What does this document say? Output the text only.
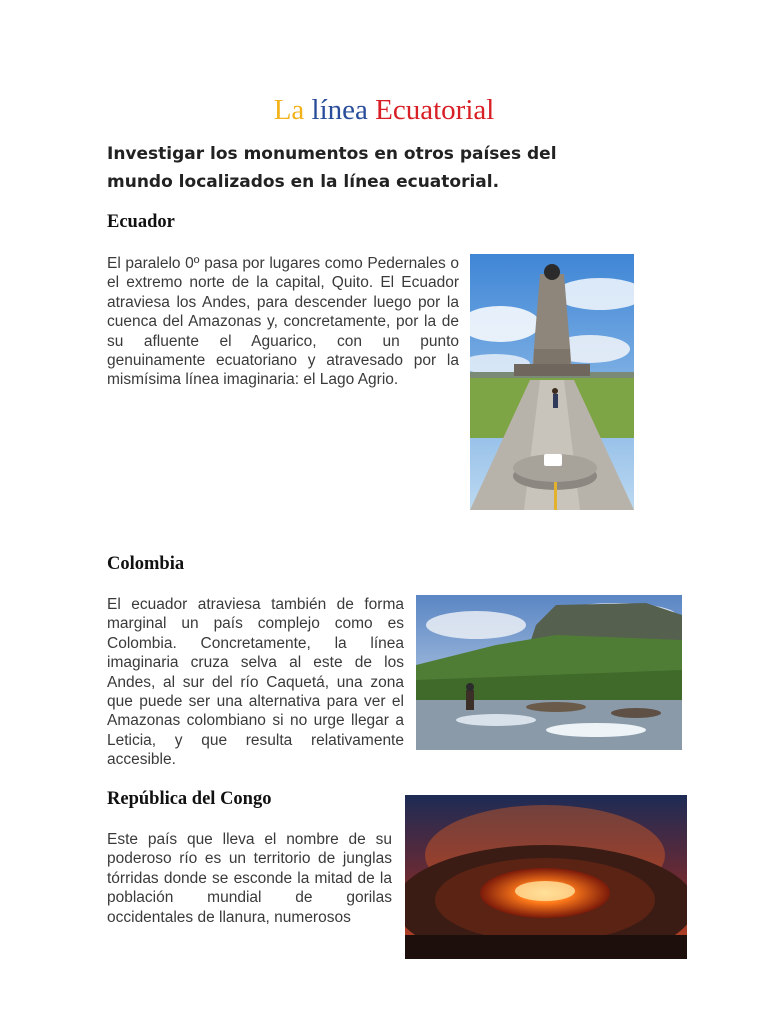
La línea Ecuatorial
Investigar los monumentos en otros países del mundo localizados en la línea ecuatorial.
Ecuador
El paralelo 0º pasa por lugares como Pedernales o el extremo norte de la capital, Quito. El Ecuador atraviesa los Andes, para descender luego por la cuenca del Amazonas y, concretamente, por la de su afluente el Aguarico, con un punto genuinamente ecuatoriano y atravesado por la mismísima línea imaginaria: el Lago Agrio.
Colombia
El ecuador atraviesa también de forma marginal un país complejo como es Colombia. Concretamente, la línea imaginaria cruza selva al este de los Andes, al sur del río Caquetá, una zona que puede ser una alternativa para ver el Amazonas colombiano si no urge llegar a Leticia, y que resulta relativamente accesible.
República del Congo
Este país que lleva el nombre de su poderoso río es un territorio de junglas tórridas donde se esconde la mitad de la población mundial de gorilas occidentales de llanura, numerosos
